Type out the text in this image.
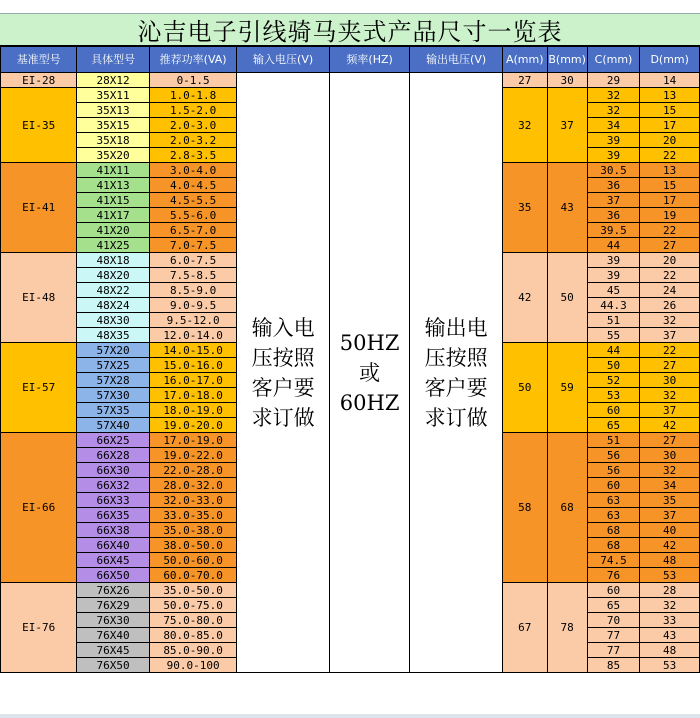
沁吉电子引线骑马夹式产品尺寸一览表
基准型号	具体型号	推荐功率(VA)	输入电压(V)	频率(HZ)	输出电压(V)	A(mm)	B(mm)	C(mm)	D(mm)
EI-28	28X12	0-1.5	输入电压按照客户要求订做	50HZ或60HZ	输出电压按照客户要求订做	27	30	29	14
EI-35	35X11	1.0-1.8				32	37	32	13
	35X13	1.5-2.0						32	15
	35X15	2.0-3.0						34	17
	35X18	2.0-3.2						39	20
	35X20	2.8-3.5						39	22
EI-41	41X11	3.0-4.0				35	43	30.5	13
	41X13	4.0-4.5						36	15
	41X15	4.5-5.5						37	17
	41X17	5.5-6.0						36	19
	41X20	6.5-7.0						39.5	22
	41X25	7.0-7.5						44	27
EI-48	48X18	6.0-7.5				42	50	39	20
	48X20	7.5-8.5						39	22
	48X22	8.5-9.0						45	24
	48X24	9.0-9.5						44.3	26
	48X30	9.5-12.0						51	32
	48X35	12.0-14.0						55	37
EI-57	57X20	14.0-15.0				50	59	44	22
	57X25	15.0-16.0						50	27
	57X28	16.0-17.0						52	30
	57X30	17.0-18.0						53	32
	57X35	18.0-19.0						60	37
	57X40	19.0-20.0						65	42
EI-66	66X25	17.0-19.0				58	68	51	27
	66X28	19.0-22.0						56	30
	66X30	22.0-28.0						56	32
	66X32	28.0-32.0						60	34
	66X33	32.0-33.0						63	35
	66X35	33.0-35.0						63	37
	66X38	35.0-38.0						68	40
	66X40	38.0-50.0						68	42
	66X45	50.0-60.0						74.5	48
	66X50	60.0-70.0						76	53
EI-76	76X26	35.0-50.0				67	78	60	28
	76X29	50.0-75.0						65	32
	76X30	75.0-80.0						70	33
	76X40	80.0-85.0						77	43
	76X45	85.0-90.0						77	48
	76X50	90.0-100						85	53
